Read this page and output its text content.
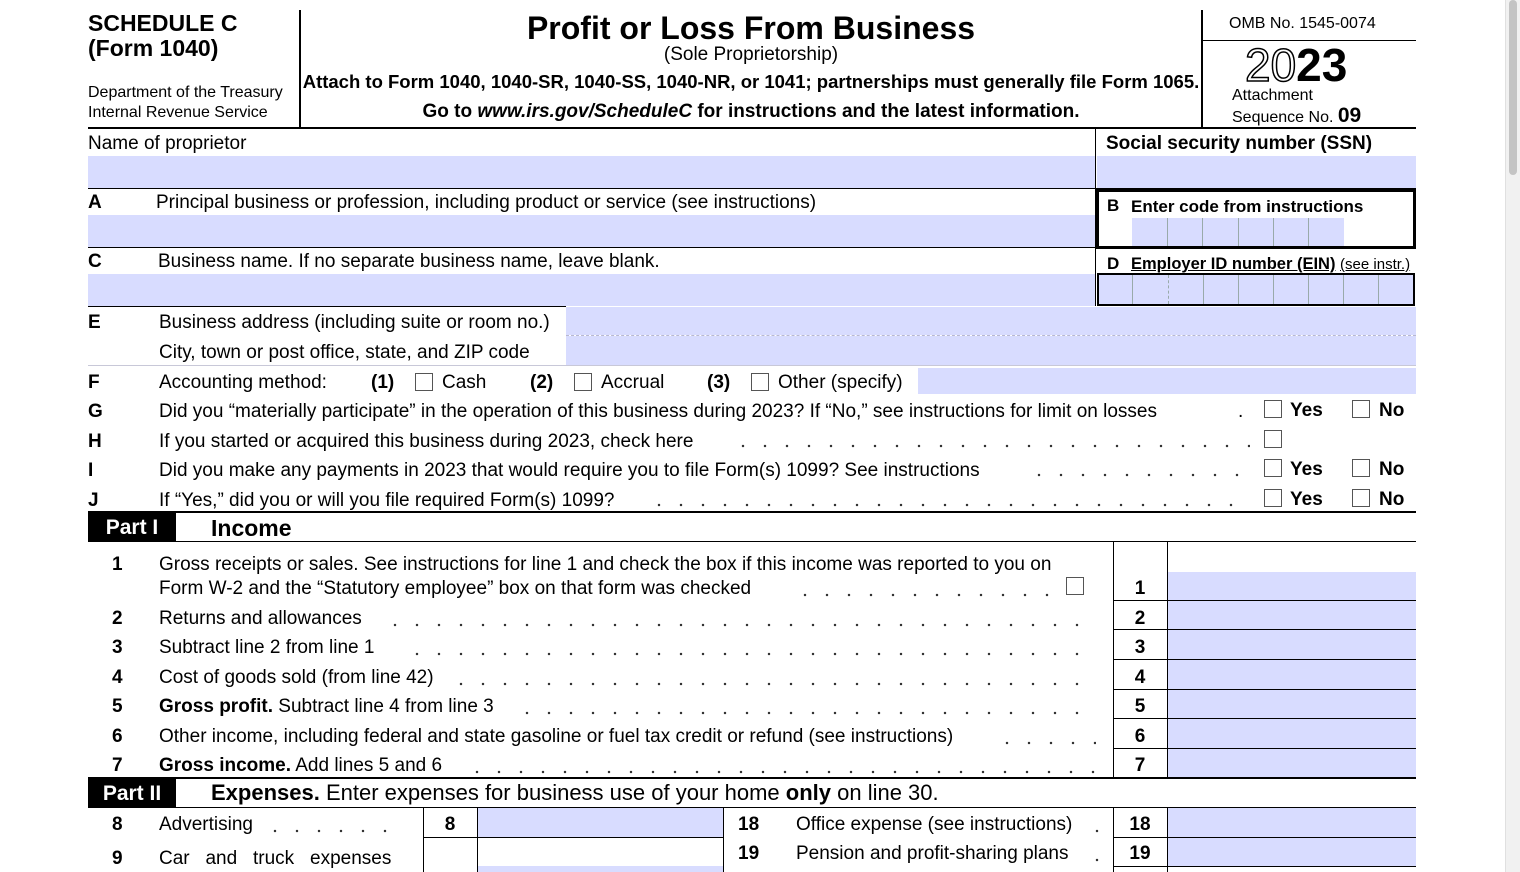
SCHEDULE C
(Form 1040)
Department of the Treasury
Internal Revenue Service
Profit or Loss From Business
(Sole Proprietorship)
Attach to Form 1040, 1040-SR, 1040-SS, 1040-NR, or 1041; partnerships must generally file Form 1065.
Go to www.irs.gov/ScheduleC for instructions and the latest information.
OMB No. 1545-0074
2023
Attachment
Sequence No. 09
Name of proprietor	Social security number (SSN)
A	Principal business or profession, including product or service (see instructions)	B Enter code from instructions
C	Business name. If no separate business name, leave blank.	D Employer ID number (EIN) (see instr.)
E	Business address (including suite or room no.)
City, town or post office, state, and ZIP code
F	Accounting method: (1)	Cash (2)	Accrual (3)	Other (specify)
G	Did you “materially participate” in the operation of this business during 2023? If “No,” see instructions for limit on losses	. Yes	No
H	If you started or acquired this business during 2023, check here
I	Did you make any payments in 2023 that would require you to file Form(s) 1099? See instructions	Yes	No
J	If “Yes,” did you or will you file required Form(s) 1099?	Yes	No
Part I	Income
1 Gross receipts or sales. See instructions for line 1 and check the box if this income was reported to you on
Form W-2 and the “Statutory employee” box on that form was checked	1
2 Returns and allowances	2
3 Subtract line 2 from line 1	3
4 Cost of goods sold (from line 42)	4
5 Gross profit. Subtract line 4 from line 3	5
6 Other income, including federal and state gasoline or fuel tax credit or refund (see instructions)	6
7 Gross income. Add lines 5 and 6	7
Part II	Expenses. Enter expenses for business use of your home only on line 30.
8 Advertising	8
9 Car   and   truck   expenses
18 Office expense (see instructions)	18
19 Pension and profit-sharing plans	19
